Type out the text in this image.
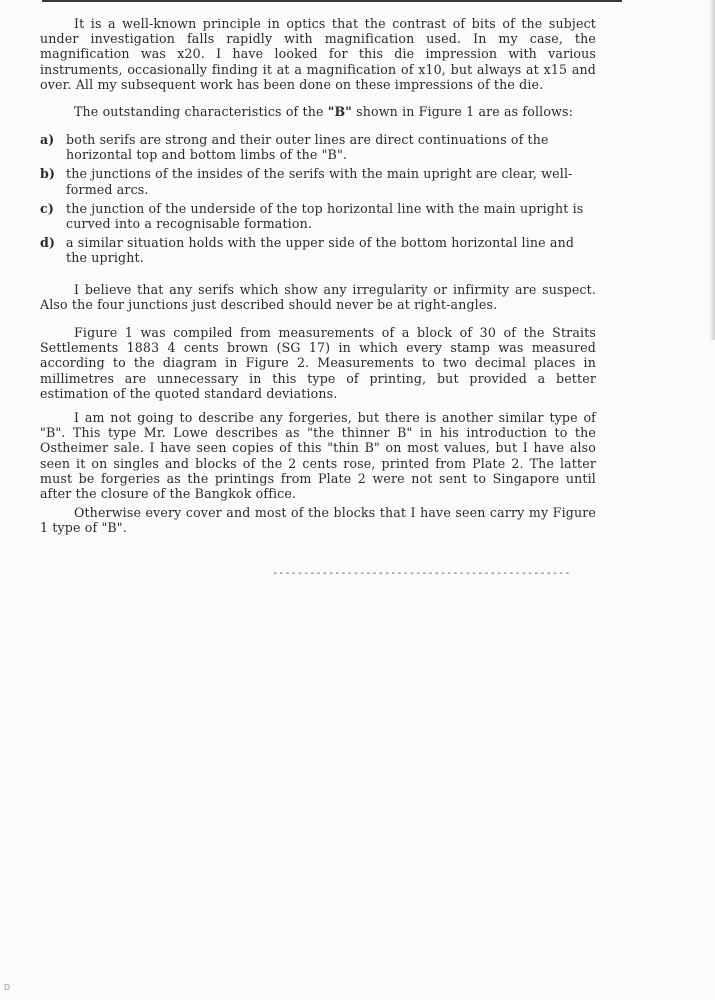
It is a well-known principle in optics that the contrast of bits of the subject under investigation falls rapidly with magnification used. In my case, the magnification was x20. I have looked for this die impression with various instruments, occasionally finding it at a magnification of x10, but always at x15 and over. All my subsequent work has been done on these impressions of the die.

The outstanding characteristics of the "B" shown in Figure 1 are as follows:

a) both serifs are strong and their outer lines are direct continuations of the horizontal top and bottom limbs of the "B".
b) the junctions of the insides of the serifs with the main upright are clear, well-formed arcs.
c) the junction of the underside of the top horizontal line with the main upright is curved into a recognisable formation.
d) a similar situation holds with the upper side of the bottom horizontal line and the upright.

I believe that any serifs which show any irregularity or infirmity are suspect. Also the four junctions just described should never be at right-angles.

Figure 1 was compiled from measurements of a block of 30 of the Straits Settlements 1883 4 cents brown (SG 17) in which every stamp was measured according to the diagram in Figure 2. Measurements to two decimal places in millimetres are unnecessary in this type of printing, but provided a better estimation of the quoted standard deviations.

I am not going to describe any forgeries, but there is another similar type of "B". This type Mr. Lowe describes as "the thinner B" in his introduction to the Ostheimer sale. I have seen copies of this "thin B" on most values, but I have also seen it on singles and blocks of the 2 cents rose, printed from Plate 2. The latter must be forgeries as the printings from Plate 2 were not sent to Singapore until after the closure of the Bangkok office.

Otherwise every cover and most of the blocks that I have seen carry my Figure 1 type of "B".

------------------------------------------------
D
